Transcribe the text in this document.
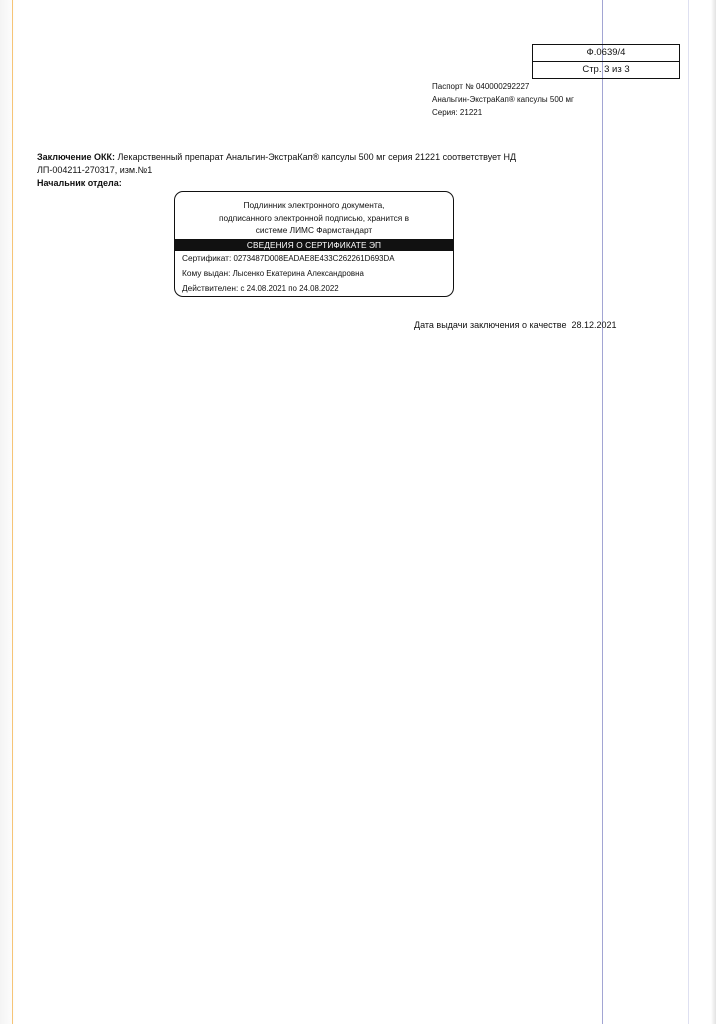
Ф.0639/4
Стр. 3 из 3
Паспорт № 040000292227
Анальгин-ЭкстраКап® капсулы 500 мг
Серия: 21221
Заключение ОКК: Лекарственный препарат Анальгин-ЭкстраКап® капсулы 500 мг серия 21221 соответствует НД ЛП-004211-270317, изм.№1
Начальник отдела:
Подлинник электронного документа,
подписанного электронной подписью, хранится в
системе ЛИМС Фармстандарт
СВЕДЕНИЯ О СЕРТИФИКАТЕ ЭП
Сертификат: 0273487D008EADAE8E433C262261D693DA
Кому выдан: Лысенко Екатерина Александровна
Действителен: с 24.08.2021 по 24.08.2022
Дата выдачи заключения о качестве 28.12.2021
